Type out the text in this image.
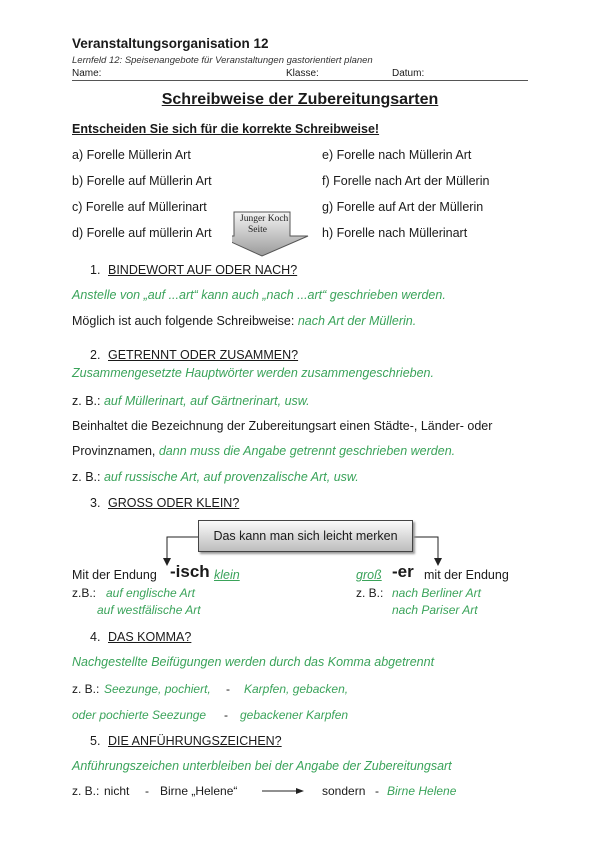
Veranstaltungsorganisation 12
Lernfeld 12: Speisenangebote für Veranstaltungen gastorientiert planen
Name:	Klasse:	Datum:
Schreibweise der Zubereitungsarten
Entscheiden Sie sich für die korrekte Schreibweise!
a) Forelle Müllerin Art
b) Forelle auf Müllerin Art
c) Forelle auf Müllerinart
d) Forelle auf müllerin Art
e) Forelle nach Müllerin Art
f) Forelle nach Art der Müllerin
g) Forelle auf Art der Müllerin
h) Forelle nach Müllerinart
Junger Koch
Seite
1. BINDEWORT AUF ODER NACH?
Anstelle von „auf ...art“ kann auch „nach ...art“ geschrieben werden.
Möglich ist auch folgende Schreibweise: nach Art der Müllerin.
2. GETRENNT ODER ZUSAMMEN?
Zusammengesetzte Hauptwörter werden zusammengeschrieben.
z. B.: auf Müllerinart, auf Gärtnerinart, usw.
Beinhaltet die Bezeichnung der Zubereitungsart einen Städte-, Länder- oder
Provinznamen, dann muss die Angabe getrennt geschrieben werden.
z. B.: auf russische Art, auf provenzalische Art, usw.
3. GROSS ODER KLEIN?
Das kann man sich leicht merken
Mit der Endung -isch klein
z.B.: auf englische Art
auf westfälische Art
groß -er mit der Endung
z. B.: nach Berliner Art
nach Pariser Art
4. DAS KOMMA?
Nachgestellte Beifügungen werden durch das Komma abgetrennt
z. B.: Seezunge, pochiert, - Karpfen, gebacken,
oder pochierte Seezunge - gebackener Karpfen
5. DIE ANFÜHRUNGSZEICHEN?
Anführungszeichen unterbleiben bei der Angabe der Zubereitungsart
z. B.: nicht - Birne „Helene“	sondern - Birne Helene
